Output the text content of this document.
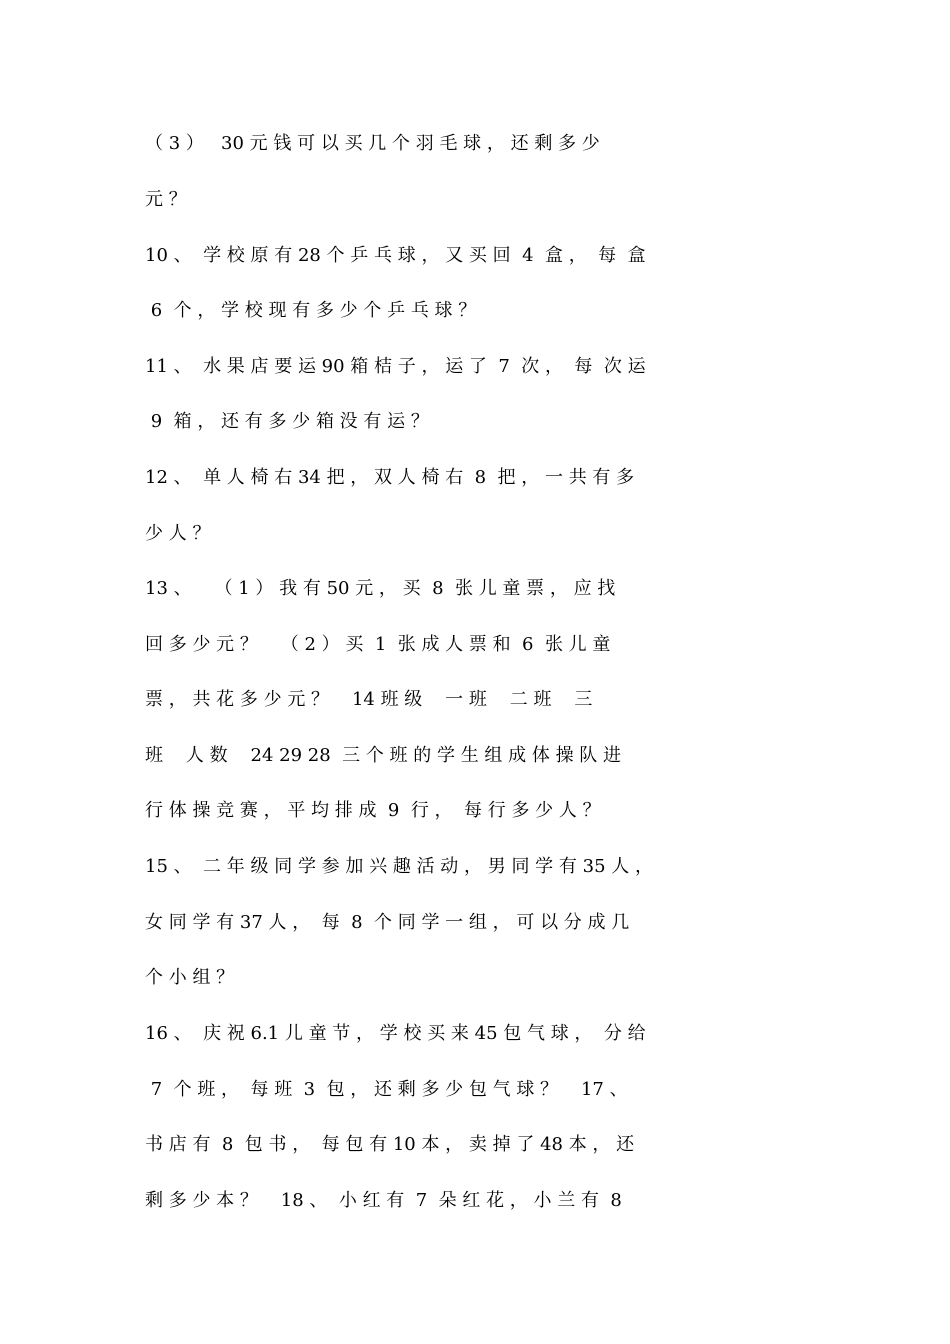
（ 3 ）   30 元 钱 可 以 买 几 个 羽 毛 球 ， 还 剩 多 少
元 ？
10 、  学 校 原 有 28 个 乒 乓 球 ， 又 买 回  4  盒 ，  每  盒
6  个 ， 学 校 现 有 多 少 个 乒 乓 球 ？
11 、  水 果 店 要 运 90 箱 桔 子 ， 运 了  7  次 ，  每  次 运
9  箱 ， 还 有 多 少 箱 没 有 运 ？
12 、  单 人 椅 右 34 把 ， 双 人 椅 右  8  把 ， 一 共 有 多
少 人 ？
13 、    （ 1 ） 我 有 50 元 ， 买  8  张 儿 童 票 ， 应 找
回 多 少 元 ？    （ 2 ） 买  1  张 成 人 票 和  6  张 儿 童
票 ， 共 花 多 少 元 ？    14 班 级    一 班    二 班    三
班    人 数    24 29 28  三 个 班 的 学 生 组 成 体 操 队 进
行 体 操 竞 赛 ， 平 均 排 成  9  行 ，  每 行 多 少 人 ？
15 、  二 年 级 同 学 参 加 兴 趣 活 动 ， 男 同 学 有 35 人 ，
女 同 学 有 37 人 ，  每  8  个 同 学 一 组 ， 可 以 分 成 几
个 小 组 ？
16 、  庆 祝 6.1 儿 童 节 ， 学 校 买 来 45 包 气 球 ，  分 给
7  个 班 ，  每 班  3  包 ， 还 剩 多 少 包 气 球 ？    17 、
书 店 有  8  包 书 ，  每 包 有 10 本 ， 卖 掉 了 48 本 ， 还
剩 多 少 本 ？    18 、  小 红 有  7  朵 红 花 ， 小 兰 有  8
